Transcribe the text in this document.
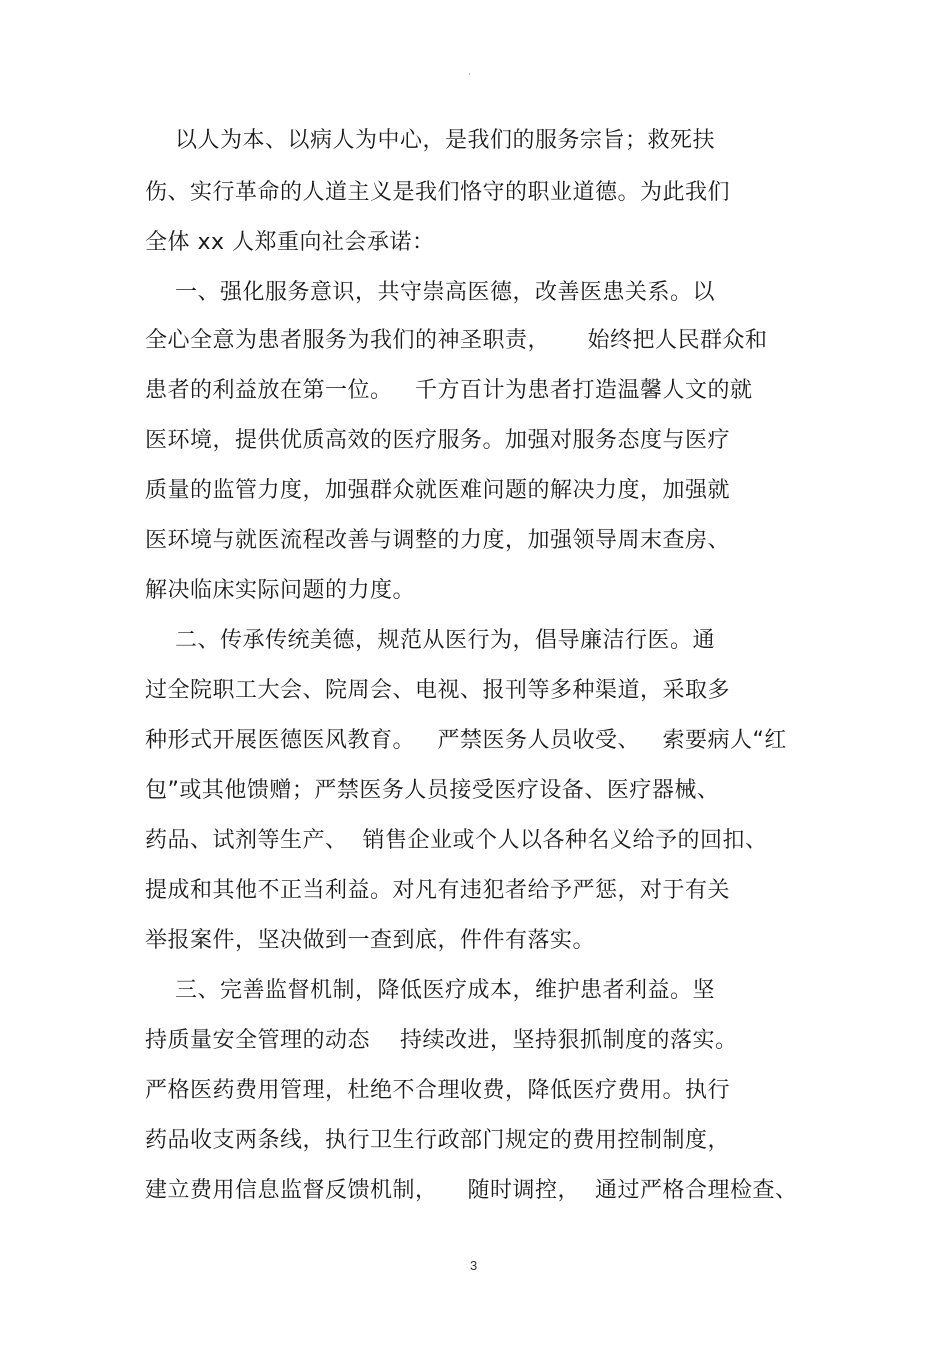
·
以人为本、以病人为中心，是我们的服务宗旨；救死扶
伤、实行革命的人道主义是我们恪守的职业道德。为此我们
全体 xx 人郑重向社会承诺：
一、强化服务意识，共守崇高医德，改善医患关系。以
全心全意为患者服务为我们的神圣职责，     始终把人民群众和
患者的利益放在第一位。   千方百计为患者打造温馨人文的就
医环境，提供优质高效的医疗服务。加强对服务态度与医疗
质量的监管力度，加强群众就医难问题的解决力度，加强就
医环境与就医流程改善与调整的力度，加强领导周末查房、
解决临床实际问题的力度。
二、传承传统美德，规范从医行为，倡导廉洁行医。通
过全院职工大会、院周会、电视、报刊等多种渠道，采取多
种形式开展医德医风教育。   严禁医务人员收受、   索要病人“红
包”或其他馈赠；严禁医务人员接受医疗设备、医疗器械、
药品、试剂等生产、  销售企业或个人以各种名义给予的回扣、
提成和其他不正当利益。对凡有违犯者给予严惩，对于有关
举报案件，坚决做到一查到底，件件有落实。
三、完善监督机制，降低医疗成本，维护患者利益。坚
持质量安全管理的动态    持续改进，坚持狠抓制度的落实。
严格医药费用管理，杜绝不合理收费，降低医疗费用。执行
药品收支两条线，执行卫生行政部门规定的费用控制制度，
建立费用信息监督反馈机制，    随时调控，  通过严格合理检查、
3
